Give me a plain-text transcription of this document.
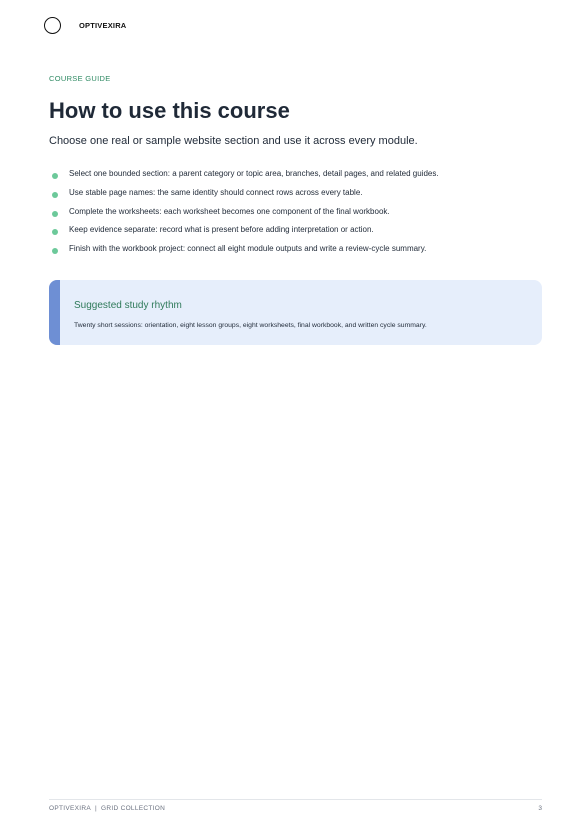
OPTIVEXIRA
COURSE GUIDE
How to use this course

Choose one real or sample website section and use it across every module.

Select one bounded section: a parent category or topic area, branches, detail pages, and related guides.
Use stable page names: the same identity should connect rows across every table.
Complete the worksheets: each worksheet becomes one component of the final workbook.
Keep evidence separate: record what is present before adding interpretation or action.
Finish with the workbook project: connect all eight module outputs and write a review-cycle summary.
Suggested study rhythm
Twenty short sessions: orientation, eight lesson groups, eight worksheets, final workbook, and written cycle summary.
OPTIVEXIRA | GRID COLLECTION	3
